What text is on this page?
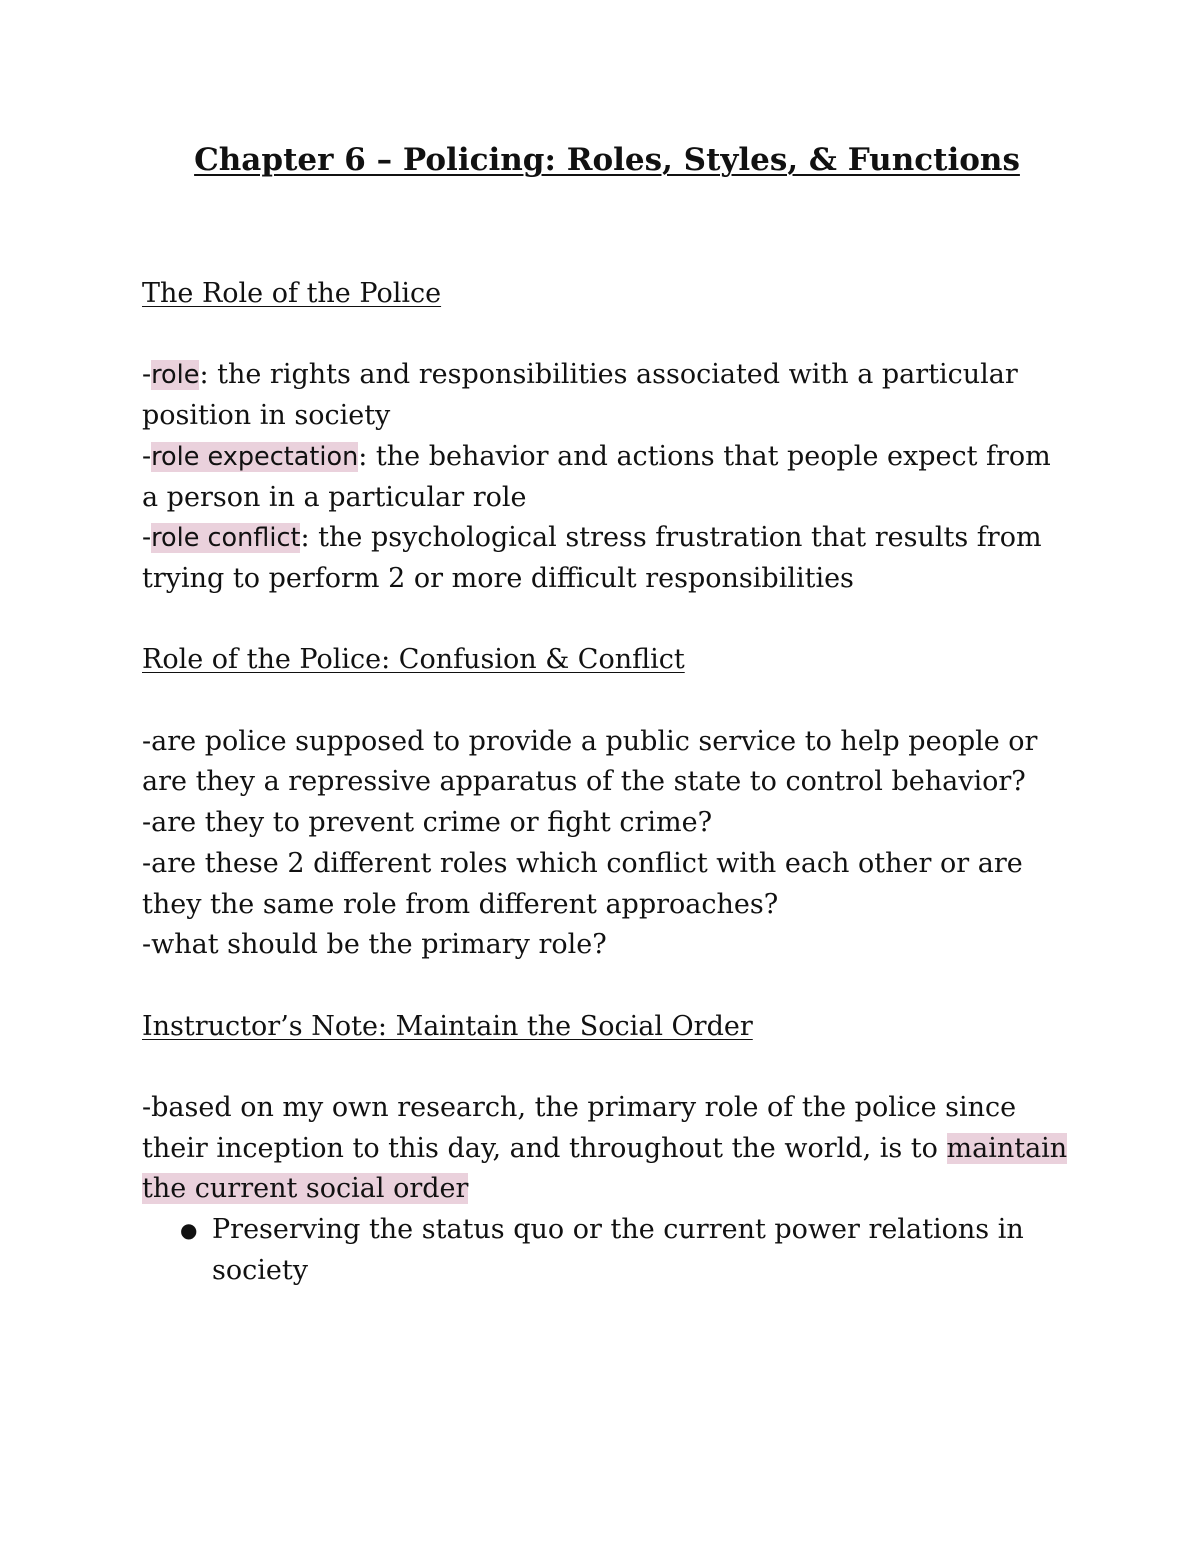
Chapter 6 – Policing: Roles, Styles, & Functions

The Role of the Police

-role: the rights and responsibilities associated with a particular position in society

-role expectation: the behavior and actions that people expect from a person in a particular role

-role conflict: the psychological stress frustration that results from trying to perform 2 or more difficult responsibilities

Role of the Police: Confusion & Conflict

-are police supposed to provide a public service to help people or are they a repressive apparatus of the state to control behavior?

-are they to prevent crime or fight crime?

-are these 2 different roles which conflict with each other or are they the same role from different approaches?

-what should be the primary role?

Instructor’s Note: Maintain the Social Order

-based on my own research, the primary role of the police since their inception to this day, and throughout the world, is to maintain the current social order

● Preserving the status quo or the current power relations in society
